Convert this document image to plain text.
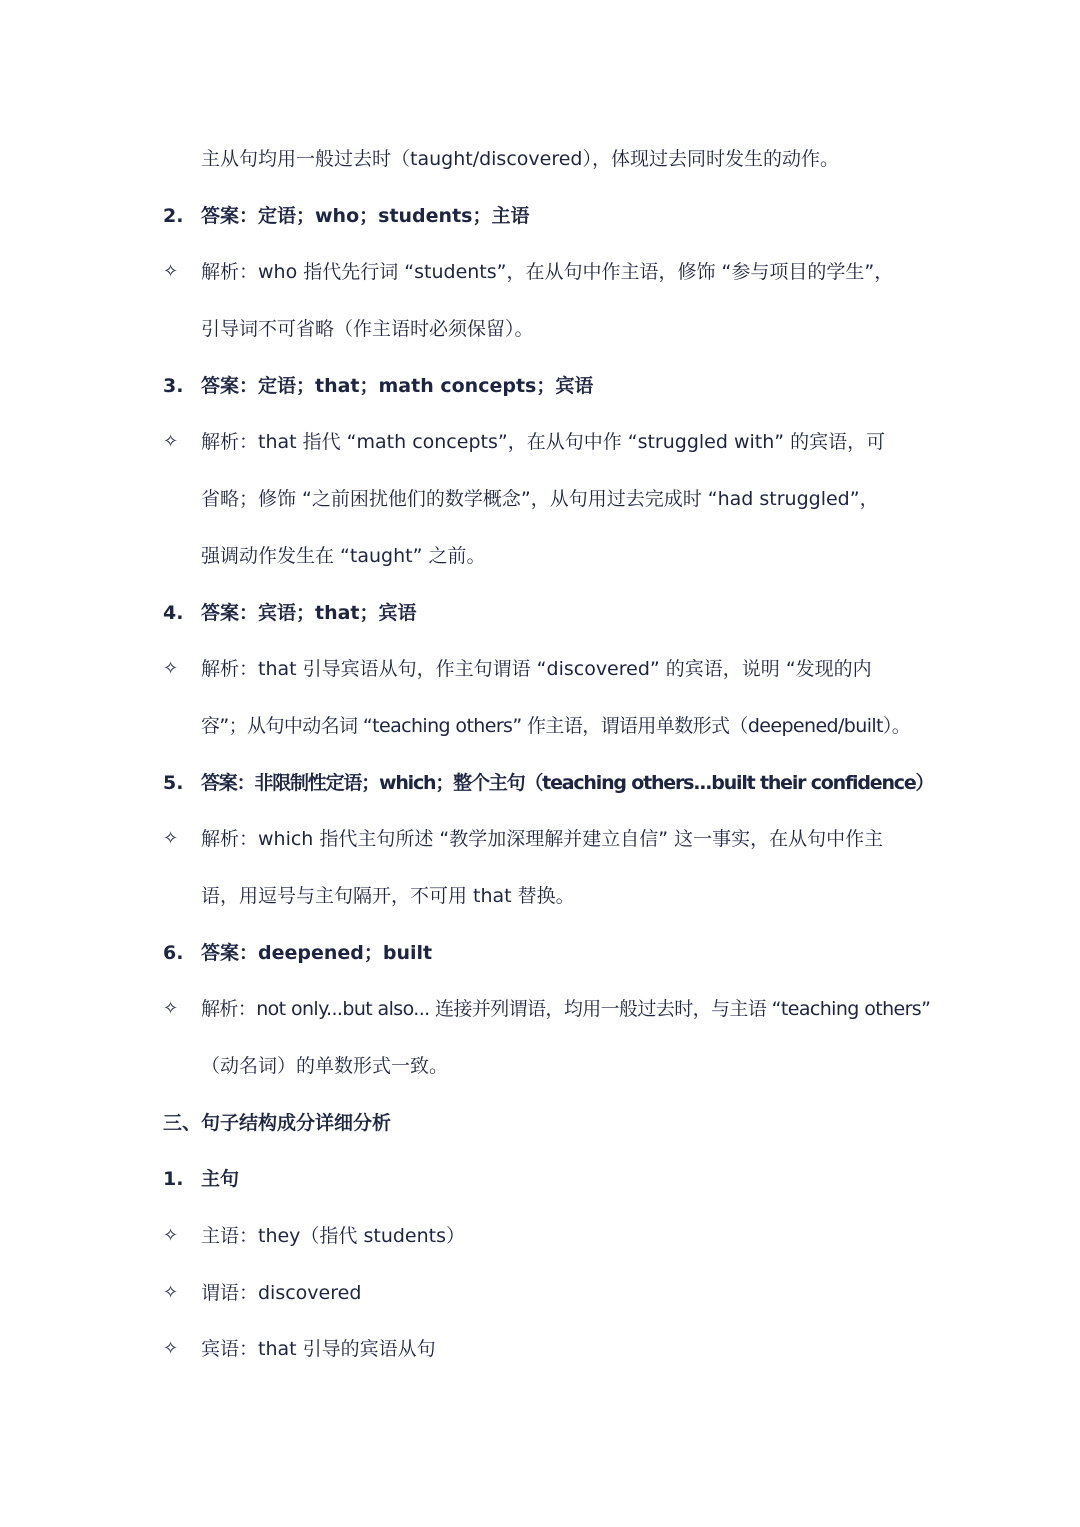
主从句均用一般过去时（taught/discovered），体现过去同时发生的动作。
2. 答案：定语；who；students；主语
✧ 解析：who 指代先行词 “students”，在从句中作主语，修饰 “参与项目的学生”，
引导词不可省略（作主语时必须保留）。
3. 答案：定语；that；math concepts；宾语
✧ 解析：that 指代 “math concepts”，在从句中作 “struggled with” 的宾语，可
省略；修饰 “之前困扰他们的数学概念”，从句用过去完成时 “had struggled”，
强调动作发生在 “taught” 之前。
4. 答案：宾语；that；宾语
✧ 解析：that 引导宾语从句，作主句谓语 “discovered” 的宾语，说明 “发现的内
容”；从句中动名词 “teaching others” 作主语，谓语用单数形式（deepened/built）。
5. 答案：非限制性定语；which；整个主句（teaching others...built their confidence）
✧ 解析：which 指代主句所述 “教学加深理解并建立自信” 这一事实，在从句中作主
语，用逗号与主句隔开，不可用 that 替换。
6. 答案：deepened；built
✧ 解析：not only...but also... 连接并列谓语，均用一般过去时，与主语 “teaching others”
（动名词）的单数形式一致。
三、句子结构成分详细分析
1. 主句
✧ 主语：they（指代 students）
✧ 谓语：discovered
✧ 宾语：that 引导的宾语从句
